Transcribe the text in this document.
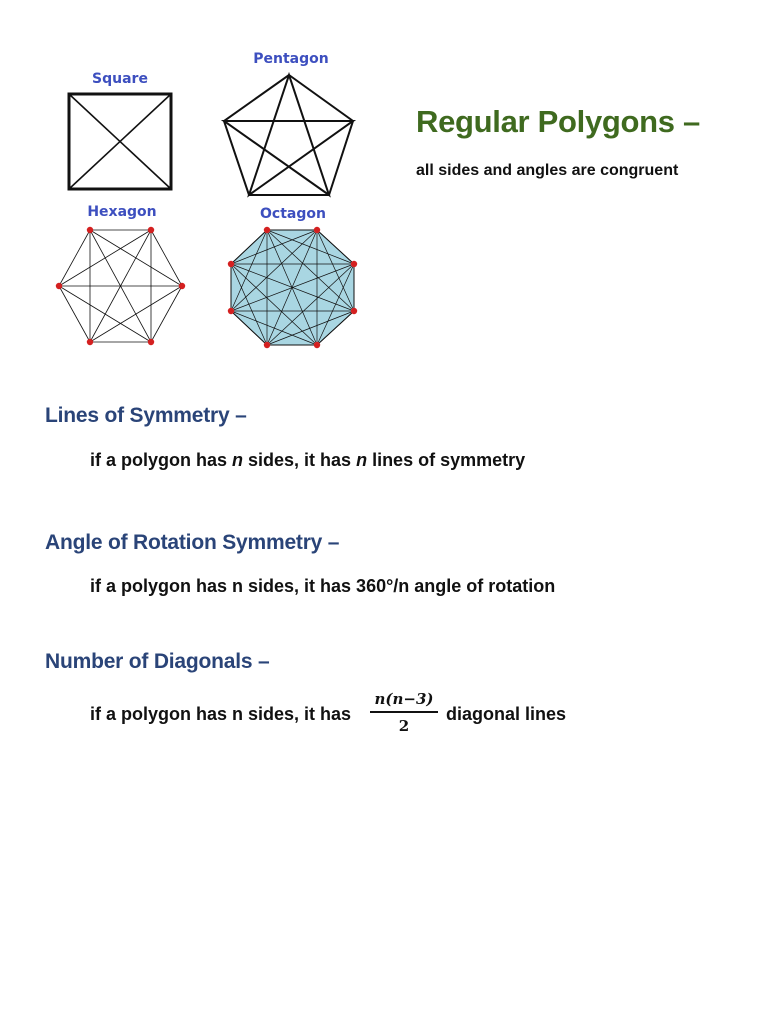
Square
Pentagon
Hexagon	Octagon
Regular Polygons –
all sides and angles are congruent
Lines of Symmetry –
if a polygon has n sides, it has n lines of symmetry
Angle of Rotation Symmetry –
if a polygon has n sides, it has 360°/n angle of rotation
Number of Diagonals –
if a polygon has n sides, it has
n(n−3)
2
diagonal lines
